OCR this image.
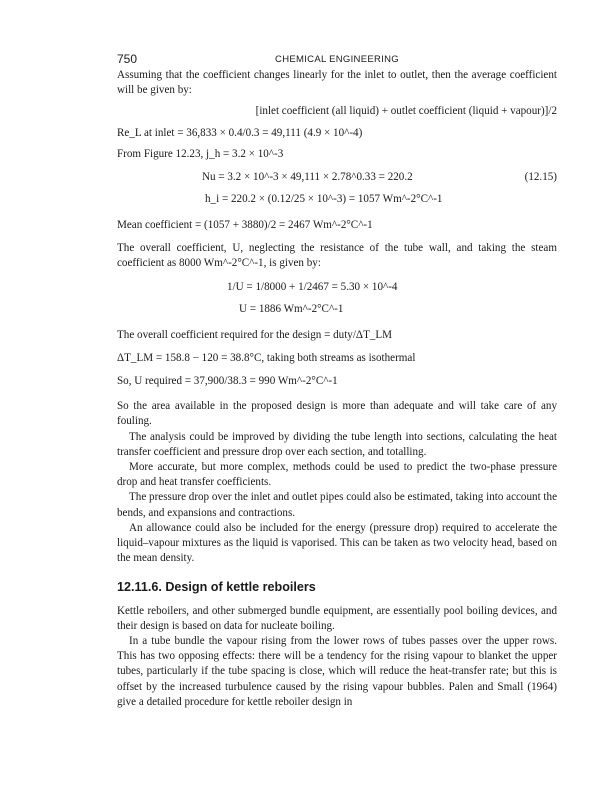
750	CHEMICAL ENGINEERING

Assuming that the coefficient changes linearly for the inlet to outlet, then the average coefficient will be given by:

[inlet coefficient (all liquid) + outlet coefficient (liquid + vapour)]/2

Re_L at inlet = 36,833 × 0.4/0.3 = 49,111 (4.9 × 10^-4)

From Figure 12.23, j_h = 3.2 × 10^-3

Nu = 3.2 × 10^-3 × 49,111 × 2.78^0.33 = 220.2	(12.15)
h_i = 220.2 × (0.12/25 × 10^-3) = 1057 Wm^-2°C^-1

Mean coefficient = (1057 + 3880)/2 = 2467 Wm^-2°C^-1

The overall coefficient, U, neglecting the resistance of the tube wall, and taking the steam coefficient as 8000 Wm^-2°C^-1, is given by:

1/U = 1/8000 + 1/2467 = 5.30 × 10^-4
U = 1886 Wm^-2°C^-1

The overall coefficient required for the design = duty/ΔT_LM

ΔT_LM = 158.8 − 120 = 38.8°C, taking both streams as isothermal

So, U required = 37,900/38.3 = 990 Wm^-2°C^-1

So the area available in the proposed design is more than adequate and will take care of any fouling.

The analysis could be improved by dividing the tube length into sections, calculating the heat transfer coefficient and pressure drop over each section, and totalling.

More accurate, but more complex, methods could be used to predict the two-phase pressure drop and heat transfer coefficients.

The pressure drop over the inlet and outlet pipes could also be estimated, taking into account the bends, and expansions and contractions.

An allowance could also be included for the energy (pressure drop) required to accelerate the liquid–vapour mixtures as the liquid is vaporised. This can be taken as two velocity head, based on the mean density.

12.11.6. Design of kettle reboilers

Kettle reboilers, and other submerged bundle equipment, are essentially pool boiling devices, and their design is based on data for nucleate boiling.

In a tube bundle the vapour rising from the lower rows of tubes passes over the upper rows. This has two opposing effects: there will be a tendency for the rising vapour to blanket the upper tubes, particularly if the tube spacing is close, which will reduce the heat-transfer rate; but this is offset by the increased turbulence caused by the rising vapour bubbles. Palen and Small (1964) give a detailed procedure for kettle reboiler design in
